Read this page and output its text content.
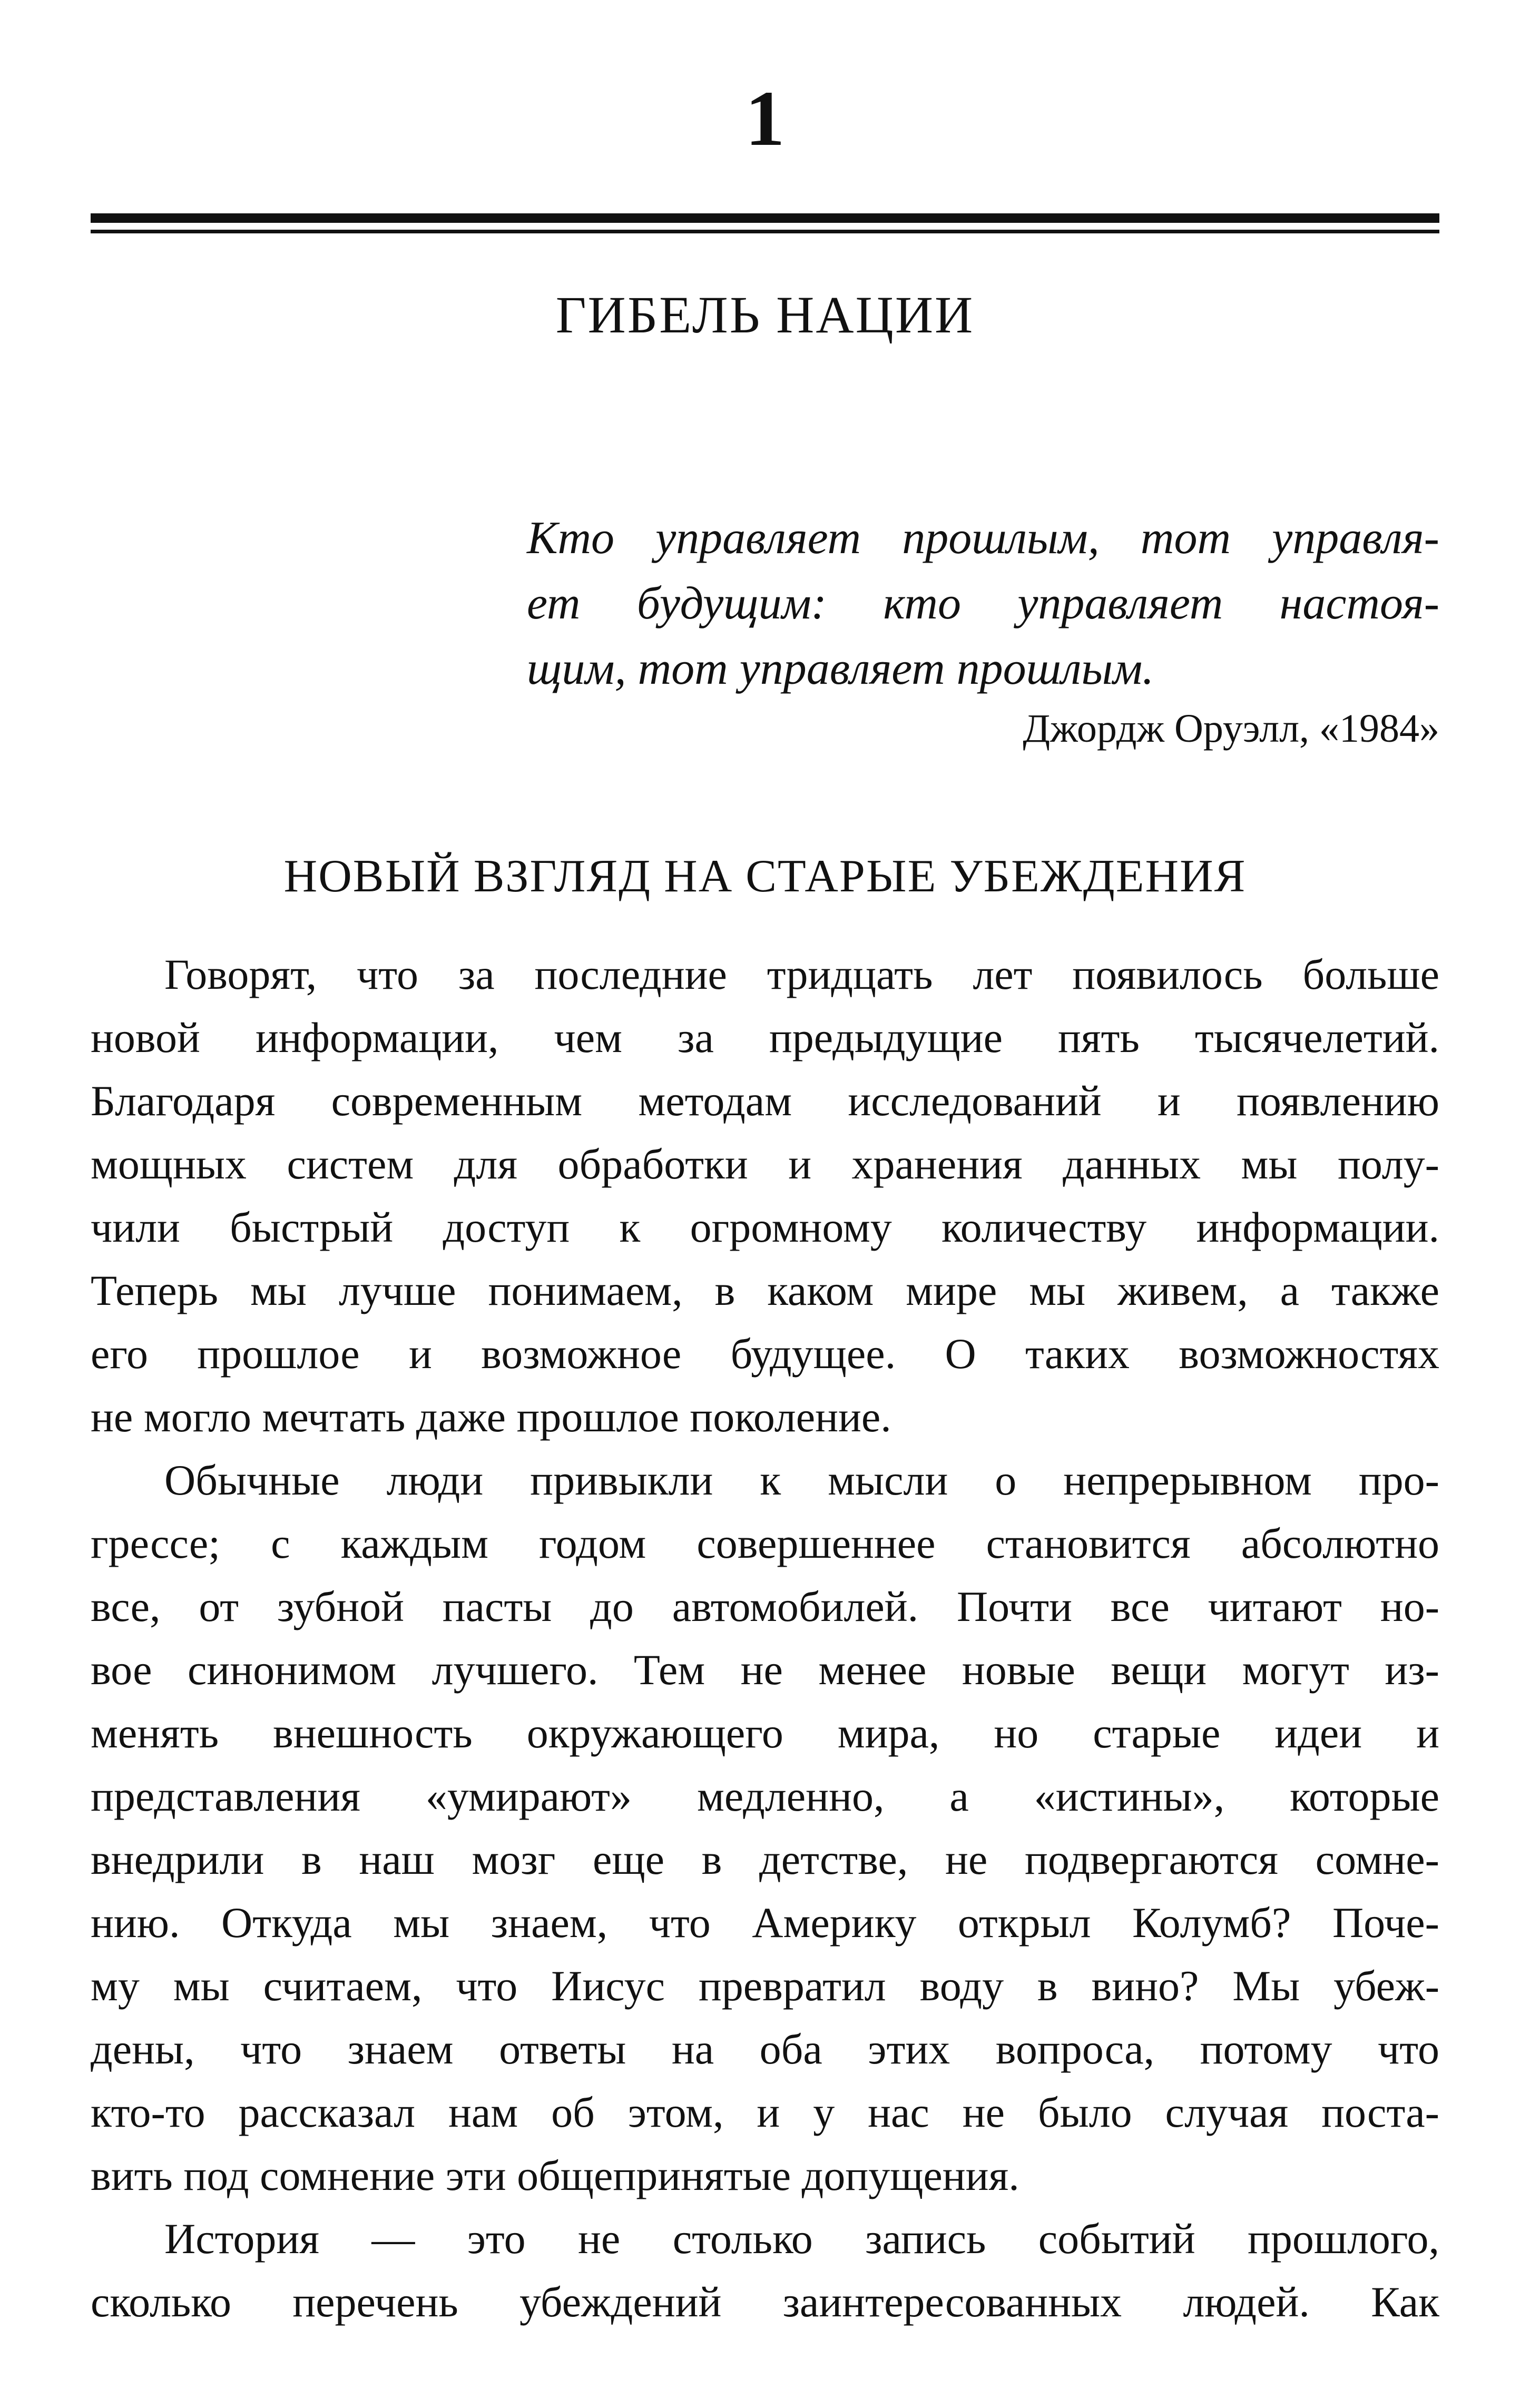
1
ГИБЕЛЬ НАЦИИ
Кто управляет прошлым, тот управля-
ет будущим: кто управляет настоя-
щим, тот управляет прошлым.
Джордж Оруэлл, «1984»
НОВЫЙ ВЗГЛЯД НА СТАРЫЕ УБЕЖДЕНИЯ

Говорят, что за последние тридцать лет появилось больше
новой информации, чем за предыдущие пять тысячелетий.
Благодаря современным методам исследований и появлению
мощных систем для обработки и хранения данных мы полу-
чили быстрый доступ к огромному количеству информации.
Теперь мы лучше понимаем, в каком мире мы живем, а также
его прошлое и возможное будущее. О таких возможностях
не могло мечтать даже прошлое поколение.

Обычные люди привыкли к мысли о непрерывном про-
грессе; с каждым годом совершеннее становится абсолютно
все, от зубной пасты до автомобилей. Почти все читают но-
вое синонимом лучшего. Тем не менее новые вещи могут из-
менять внешность окружающего мира, но старые идеи и
представления «умирают» медленно, а «истины», которые
внедрили в наш мозг еще в детстве, не подвергаются сомне-
нию. Откуда мы знаем, что Америку открыл Колумб? Поче-
му мы считаем, что Иисус превратил воду в вино? Мы убеж-
дены, что знаем ответы на оба этих вопроса, потому что
кто-то рассказал нам об этом, и у нас не было случая поста-
вить под сомнение эти общепринятые допущения.

История — это не столько запись событий прошлого,
сколько перечень убеждений заинтересованных людей. Как
